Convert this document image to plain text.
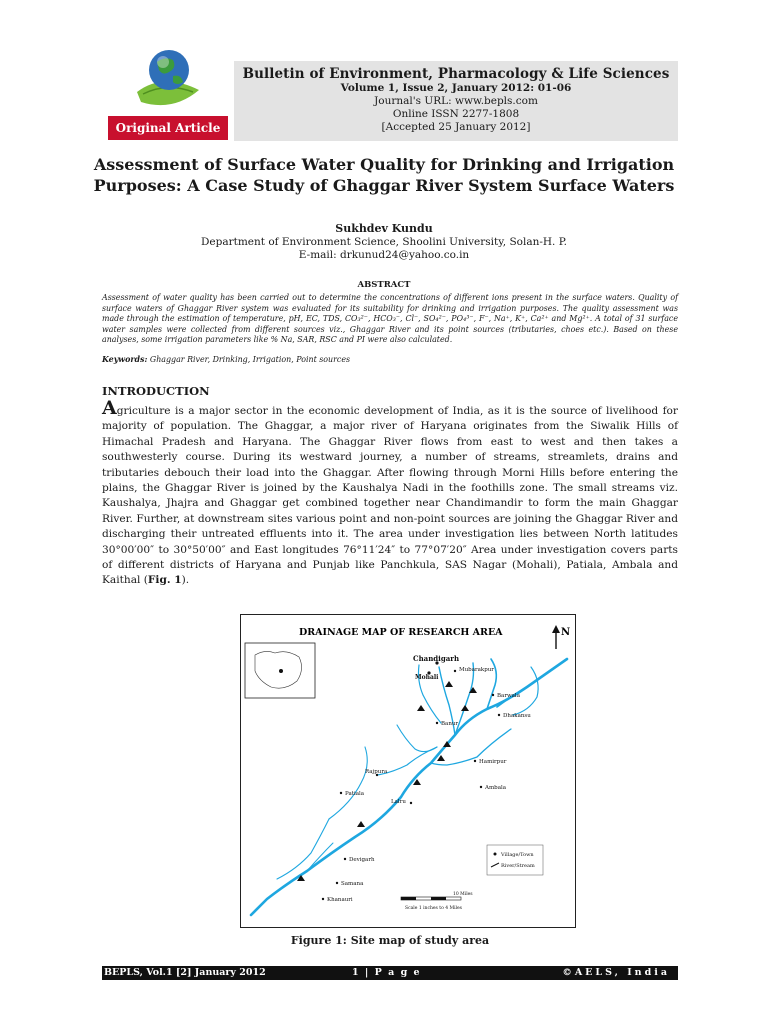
Original Article
Bulletin of Environment, Pharmacology & Life Sciences
Volume 1, Issue 2, January 2012: 01-06
Journal's URL: www.bepls.com
Online ISSN 2277-1808
[Accepted 25 January 2012]
Assessment of Surface Water Quality for Drinking and Irrigation Purposes: A Case Study of Ghaggar River System Surface Waters
Sukhdev Kundu
Department of Environment Science, Shoolini University, Solan-H. P.
E-mail: drkunud24@yahoo.co.in
ABSTRACT
Assessment of water quality has been carried out to determine the concentrations of different ions present in the surface waters. Quality of surface waters of Ghaggar River system was evaluated for its suitability for drinking and irrigation purposes. The quality assessment was made through the estimation of temperature, pH, EC, TDS, CO₃²⁻, HCO₃⁻, Cl⁻, SO₄²⁻, PO₄³⁻, F⁻, Na⁺, K⁺, Ca²⁺ and Mg²⁺. A total of 31 surface water samples were collected from different sources viz., Ghaggar River and its point sources (tributaries, choes etc.). Based on these analyses, some irrigation parameters like % Na, SAR, RSC and PI were also calculated.
Keywords: Ghaggar River, Drinking, Irrigation, Point sources
INTRODUCTION
Agriculture is a major sector in the economic development of India, as it is the source of livelihood for majority of population. The Ghaggar, a major river of Haryana originates from the Siwalik Hills of Himachal Pradesh and Haryana. The Ghaggar River flows from east to west and then takes a southwesterly course. During its westward journey, a number of streams, streamlets, drains and tributaries debouch their load into the Ghaggar. After flowing through Morni Hills before entering the plains, the Ghaggar River is joined by the Kaushalya Nadi in the foothills zone. The small streams viz. Kaushalya, Jhajra and Ghaggar get combined together near Chandimandir to form the main Ghaggar River. Further, at downstream sites various point and non-point sources are joining the Ghaggar River and discharging their untreated effluents into it. The area under investigation lies between North latitudes 30°00′00″ to 30°50′00″ and East longitudes 76°11′24″ to 77°07′20″ Area under investigation covers parts of different districts of Haryana and Punjab like Panchkula, SAS Nagar (Mohali), Patiala, Ambala and Kaithal (Fig. 1).
DRAINAGE MAP OF RESEARCH AREA	N
Chandigarh
Mohali
Mubarakpur
Barwala
Dhakansu
Hamirpur
Banur
Rajpura
Ambala
Patiala
Lalru
Devigarh
Samana
Khanauri
Village/Town
River/Stream
10 Miles
Scale 1 inches to 4 Miles
Figure 1: Site map of study area
BEPLS, Vol.1 [2] January 2012	1 | P a g e	©AELS, India
